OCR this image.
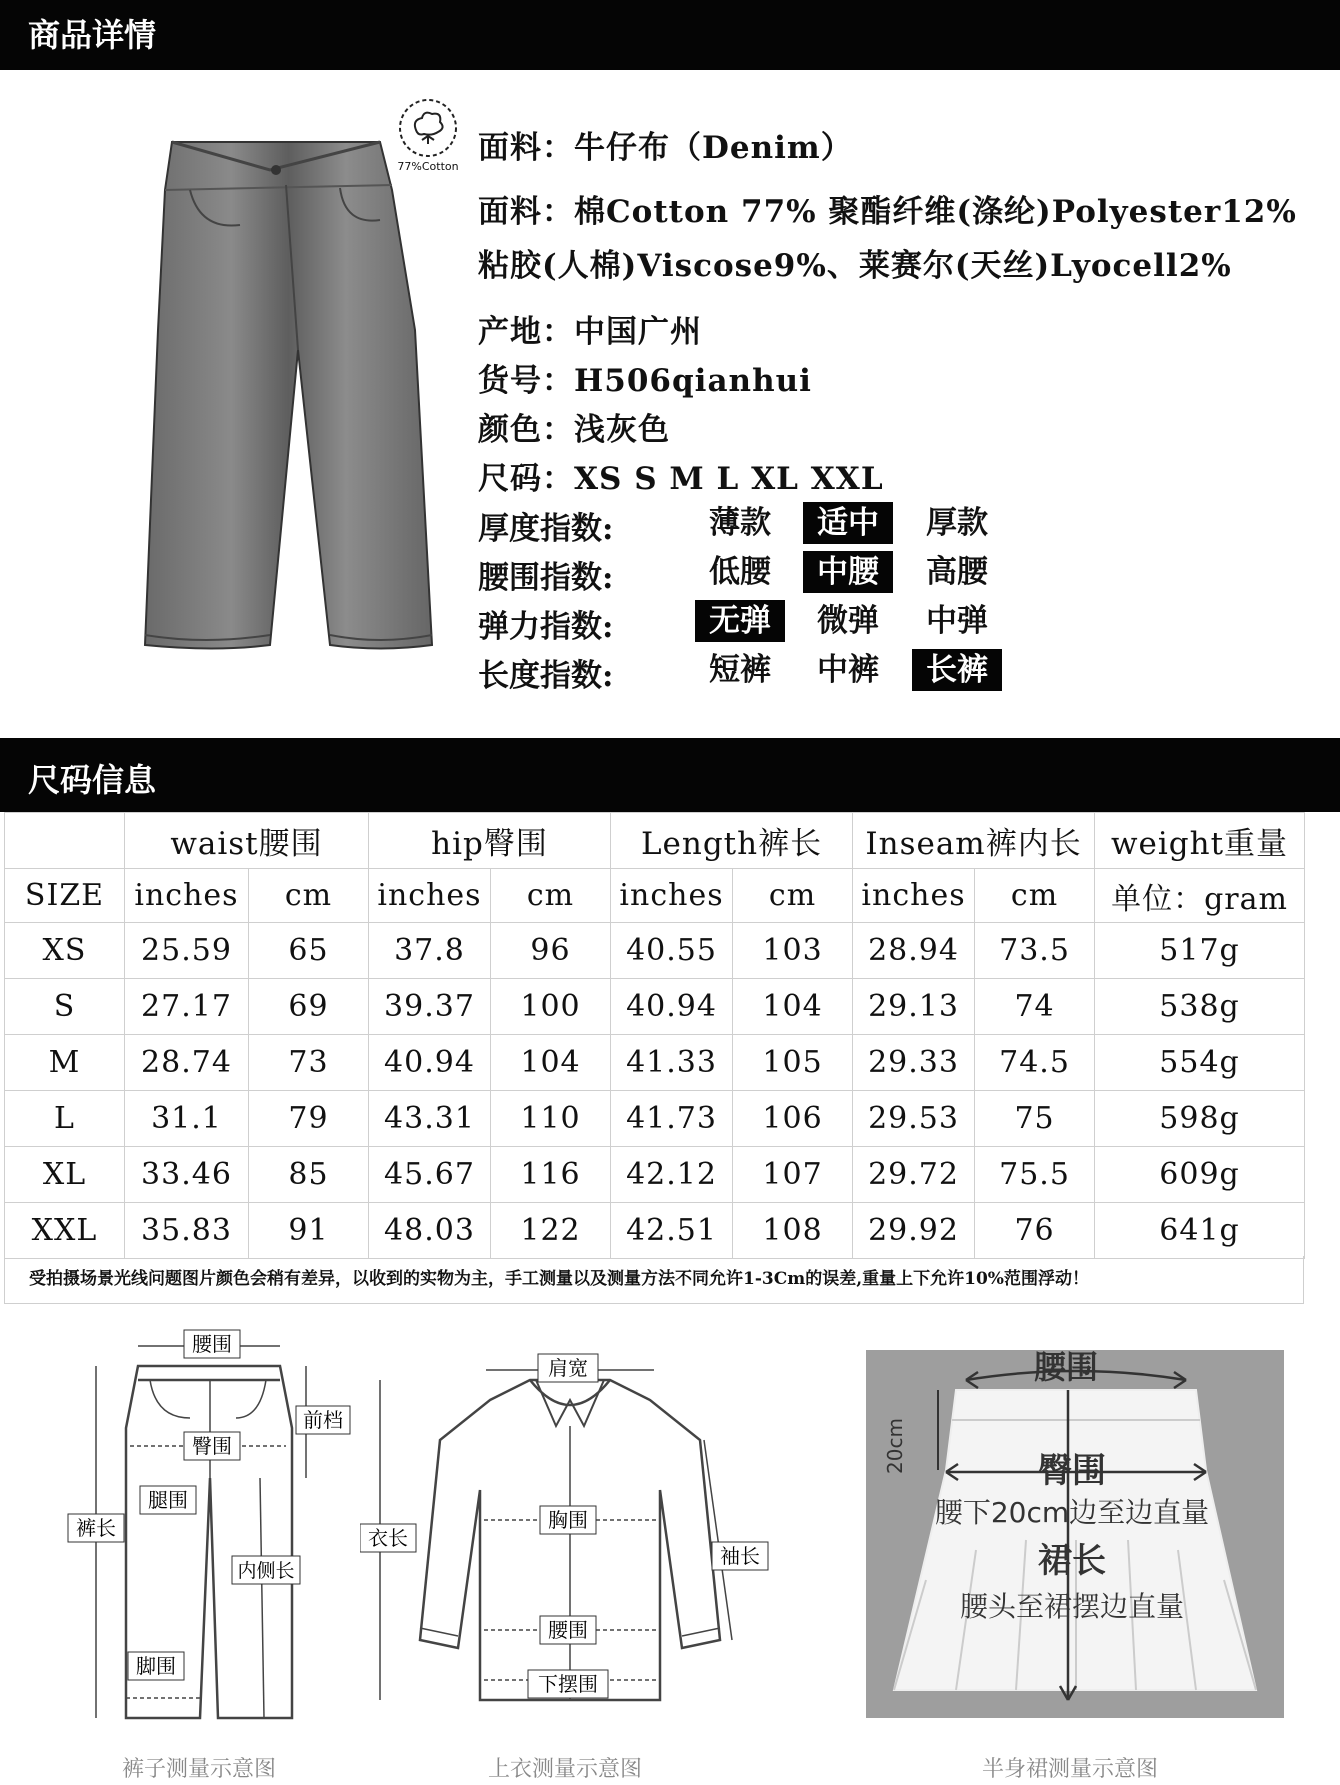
商品详情
77%Cotton
面料：牛仔布（Denim）
面料：棉Cotton 77% 聚酯纤维(涤纶)Polyester12%
粘胶(人棉)Viscose9%、莱赛尔(天丝)Lyocell2%
产地：中国广州
货号：H506qianhui
颜色：浅灰色
尺码：XS S M L XL XXL
厚度指数:	薄款	适中	厚款
腰围指数:	低腰	中腰	高腰
弹力指数:	无弹	微弹	中弹
长度指数:	短裤	中裤	长裤
尺码信息
	waist腰围		hip臀围		Length裤长		Inseam裤内长		weight重量
SIZE	inches	cm	inches	cm	inches	cm	inches	cm	单位：gram
XS	25.59	65	37.8	96	40.55	103	28.94	73.5	517g
S	27.17	69	39.37	100	40.94	104	29.13	74	538g
M	28.74	73	40.94	104	41.33	105	29.33	74.5	554g
L	31.1	79	43.31	110	41.73	106	29.53	75	598g
XL	33.46	85	45.67	116	42.12	107	29.72	75.5	609g
XXL	35.83	91	48.03	122	42.51	108	29.92	76	641g
受拍摄场景光线问题图片颜色会稍有差异，以收到的实物为主，手工测量以及测量方法不同允许1-3Cm的误差,重量上下允许10%范围浮动！
腰围
前档
臀围
腿围
裤长
内侧长
脚围
裤子测量示意图
肩宽
衣长
胸围
袖长
腰围
下摆围
上衣测量示意图
腰围
20cm	臀围
腰下20cm边至边直量
裙长
腰头至裙摆边直量
半身裙测量示意图
